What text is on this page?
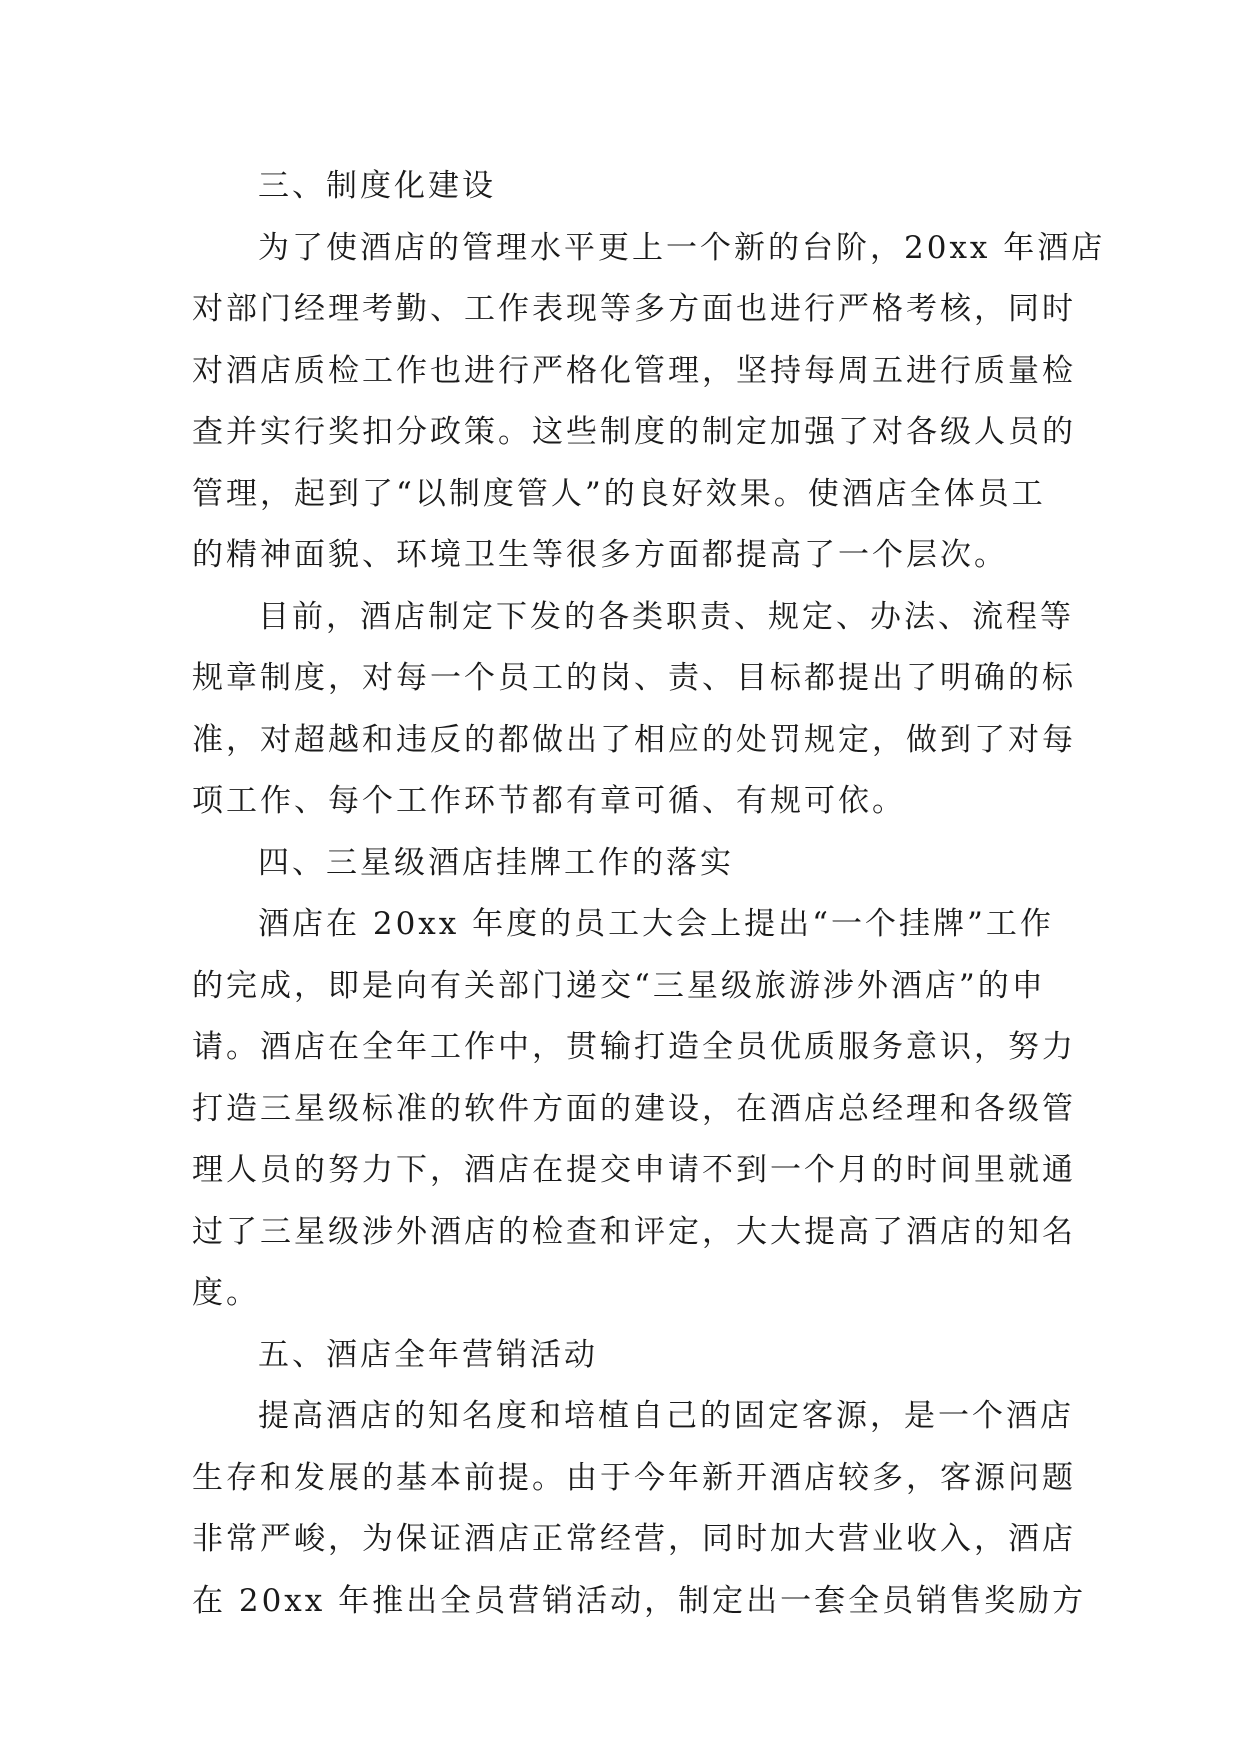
三、制度化建设
为了使酒店的管理水平更上一个新的台阶，20xx 年酒店
对部门经理考勤、工作表现等多方面也进行严格考核，同时
对酒店质检工作也进行严格化管理，坚持每周五进行质量检
查并实行奖扣分政策。这些制度的制定加强了对各级人员的
管理，起到了“以制度管人”的良好效果。使酒店全体员工
的精神面貌、环境卫生等很多方面都提高了一个层次。
目前，酒店制定下发的各类职责、规定、办法、流程等
规章制度，对每一个员工的岗、责、目标都提出了明确的标
准，对超越和违反的都做出了相应的处罚规定，做到了对每
项工作、每个工作环节都有章可循、有规可依。
四、三星级酒店挂牌工作的落实
酒店在 20xx 年度的员工大会上提出“一个挂牌”工作
的完成，即是向有关部门递交“三星级旅游涉外酒店”的申
请。酒店在全年工作中，贯输打造全员优质服务意识，努力
打造三星级标准的软件方面的建设，在酒店总经理和各级管
理人员的努力下，酒店在提交申请不到一个月的时间里就通
过了三星级涉外酒店的检查和评定，大大提高了酒店的知名
度。
五、酒店全年营销活动
提高酒店的知名度和培植自己的固定客源，是一个酒店
生存和发展的基本前提。由于今年新开酒店较多，客源问题
非常严峻，为保证酒店正常经营，同时加大营业收入，酒店
在 20xx 年推出全员营销活动，制定出一套全员销售奖励方
